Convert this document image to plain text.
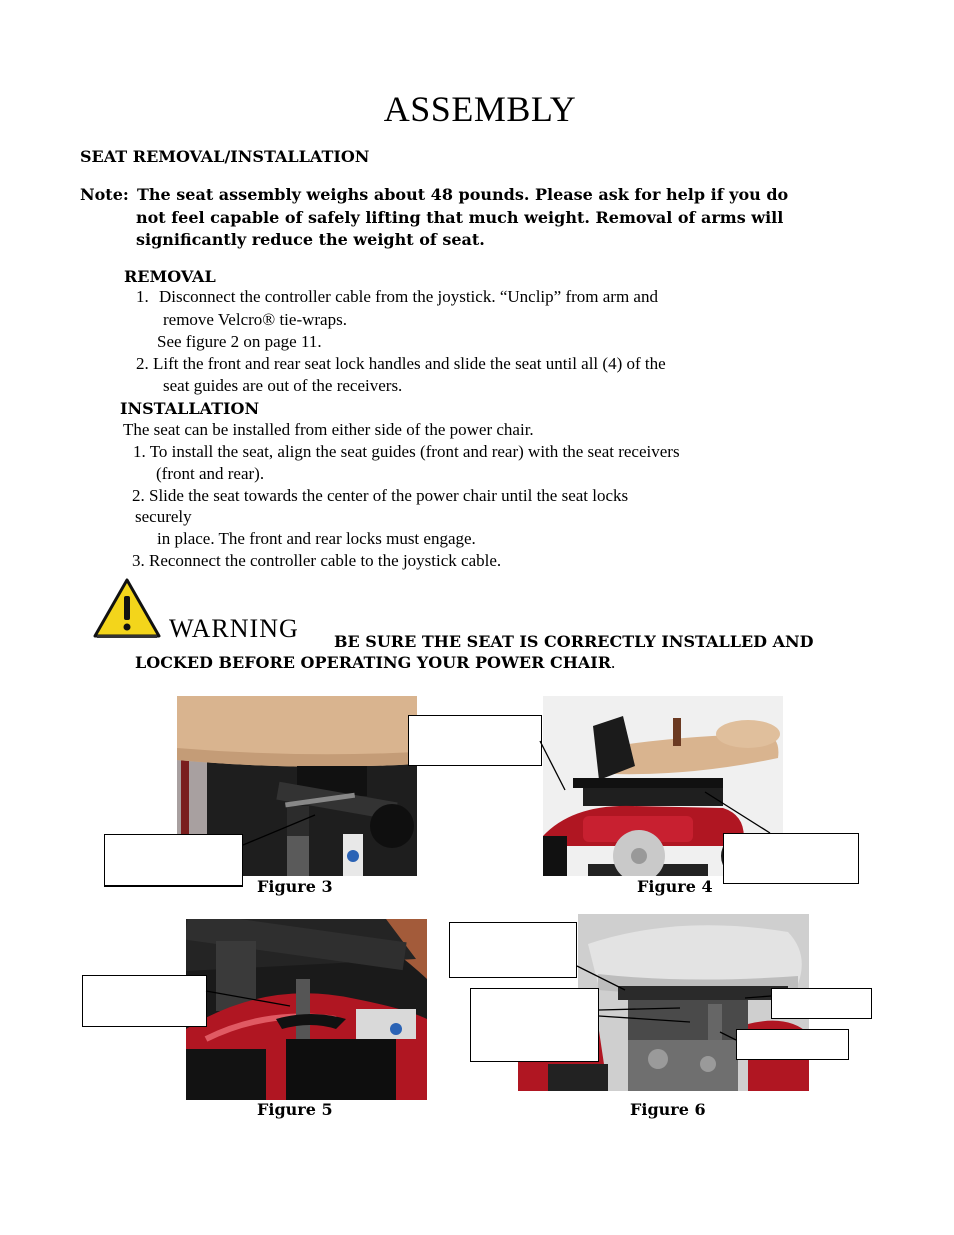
ASSEMBLY
SEAT REMOVAL/INSTALLATION
Note: The seat assembly weighs about 48 pounds. Please ask for help if you do
not feel capable of safely lifting that much weight. Removal of arms will
significantly reduce the weight of seat.
REMOVAL
1. Disconnect the controller cable from the joystick. “Unclip” from arm and
remove Velcro® tie-wraps.
See figure 2 on page 11.
2. Lift the front and rear seat lock handles and slide the seat until all (4) of the
seat guides are out of the receivers.
INSTALLATION
The seat can be installed from either side of the power chair.
1. To install the seat, align the seat guides (front and rear) with the seat receivers
(front and rear).
2. Slide the seat towards the center of the power chair until the seat locks
securely
in place. The front and rear locks must engage.
3. Reconnect the controller cable to the joystick cable.
WARNING BE SURE THE SEAT IS CORRECTLY INSTALLED AND
LOCKED BEFORE OPERATING YOUR POWER CHAIR.
Figure 3	Figure 4
Figure 5	Figure 6
